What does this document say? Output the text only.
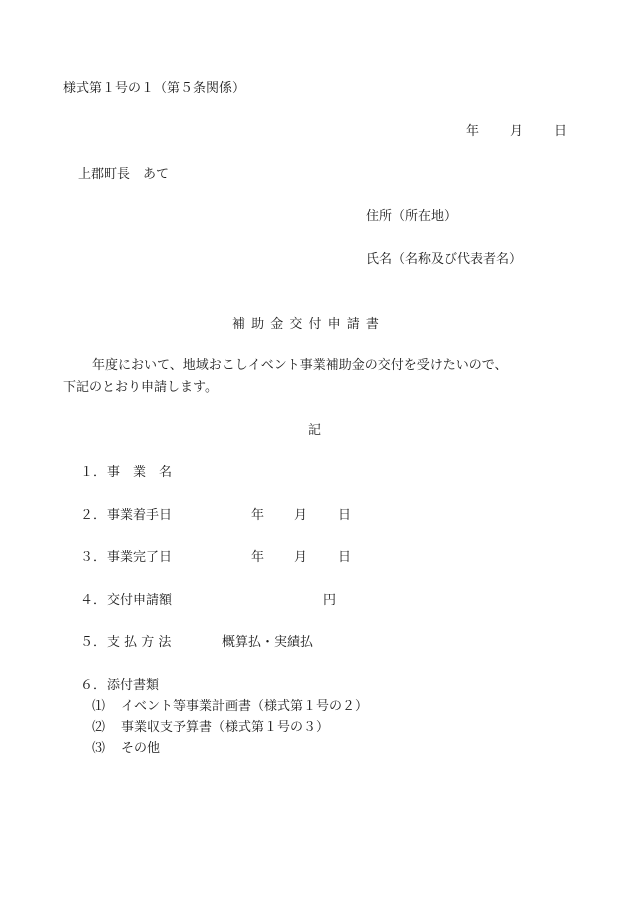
様式第１号の１（第５条関係）
年 月 日
上郡町長　あて
住所（所在地）
氏名（名称及び代表者名）
補 助 金 交 付 申 請 書
年度において、地域おこしイベント事業補助金の交付を受けたいので、
下記のとおり申請します。
記
１． 事　業　名
２． 事業着手日	年 月 日
３． 事業完了日	年 月 日
４． 交付申請額	円
５． 支 払 方 法	概算払・実績払
６． 添付書類
⑴ イベント等事業計画書（様式第１号の２）
⑵ 事業収支予算書（様式第１号の３）
⑶ その他
